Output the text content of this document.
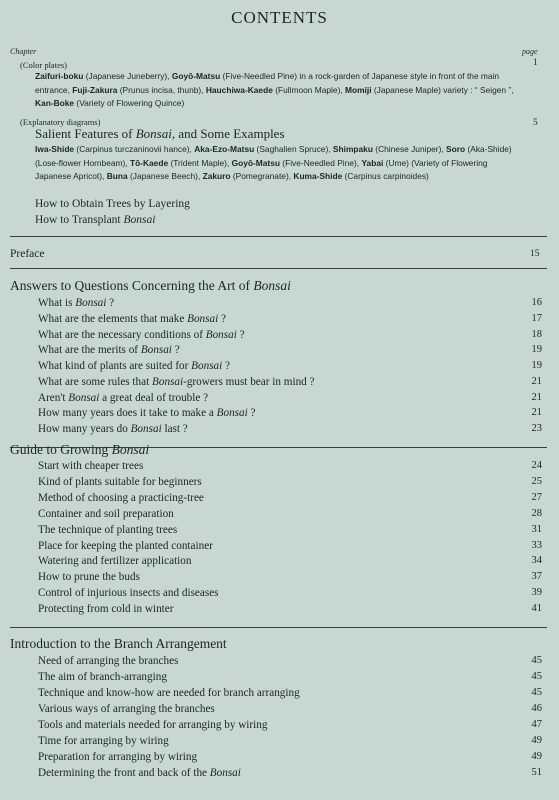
CONTENTS
Chapter	page
(Color plates)	1
Zaifuri-boku (Japanese Juneberry), Goyō-Matsu (Five-Needled Pine) in a rock-garden of Japanese style in front of the main entrance, Fuji-Zakura (Prunus incisa, thunb), Hauchiwa-Kaede (Fullmoon Maple), Momiji (Japanese Maple) variety : “ Seigen ”, Kan-Boke (Variety of Flowering Quince)
(Explanatory diagrams)	5
Salient Features of Bonsai, and Some Examples
Iwa-Shide (Carpinus turczaninovii hance), Aka-Ezo-Matsu (Saghalien Spruce), Shimpaku (Chinese Juniper), Soro (Aka-Shide) (Lose-flower Hornbeam), Tō-Kaede (Trident Maple), Goyō-Matsu (Five-Needled Pine), Yabai (Ume) (Variety of Flowering Japanese Apricot), Buna (Japanese Beech), Zakuro (Pomegranate), Kuma-Shide (Carpinus carpinoides)
How to Obtain Trees by Layering
How to Transplant Bonsai
Preface	15
Answers to Questions Concerning the Art of Bonsai
What is Bonsai ?	16
What are the elements that make Bonsai ?	17
What are the necessary conditions of Bonsai ?	18
What are the merits of Bonsai ?	19
What kind of plants are suited for Bonsai ?	19
What are some rules that Bonsai-growers must bear in mind ?	21
Aren't Bonsai a great deal of trouble ?	21
How many years does it take to make a Bonsai ?	21
How many years do Bonsai last ?	23
Guide to Growing Bonsai
Start with cheaper trees	24
Kind of plants suitable for beginners	25
Method of choosing a practicing-tree	27
Container and soil preparation	28
The technique of planting trees	31
Place for keeping the planted container	33
Watering and fertilizer application	34
How to prune the buds	37
Control of injurious insects and diseases	39
Protecting from cold in winter	41
Introduction to the Branch Arrangement
Need of arranging the branches	45
The aim of branch-arranging	45
Technique and know-how are needed for branch arranging	45
Various ways of arranging the branches	46
Tools and materials needed for arranging by wiring	47
Time for arranging by wiring	49
Preparation for arranging by wiring	49
Determining the front and back of the Bonsai	51
